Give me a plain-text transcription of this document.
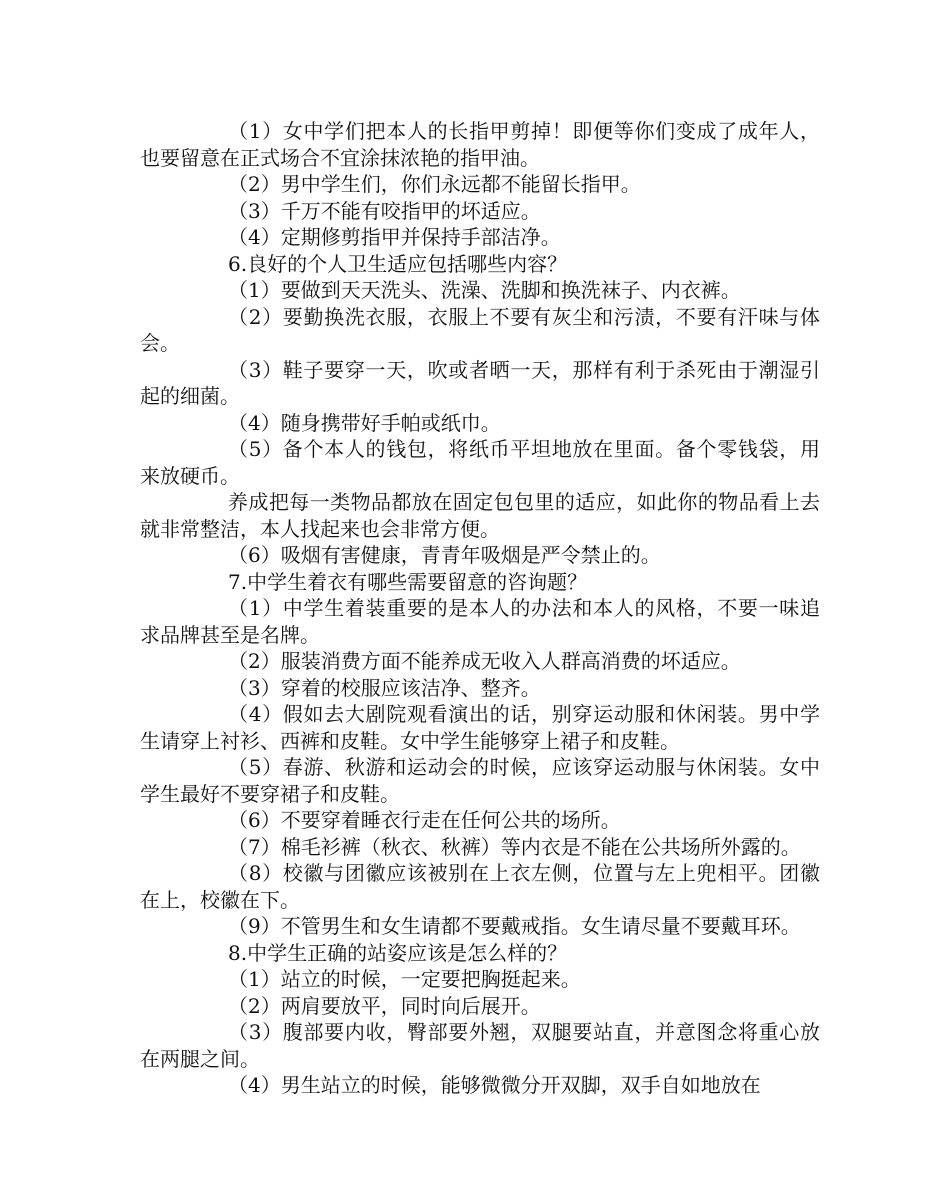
（1）女中学们把本人的长指甲剪掉！即便等你们变成了成年人，也要留意在正式场合不宜涂抹浓艳的指甲油。

（2）男中学生们，你们永远都不能留长指甲。

（3）千万不能有咬指甲的坏适应。

（4）定期修剪指甲并保持手部洁净。

6.良好的个人卫生适应包括哪些内容？

（1）要做到天天洗头、洗澡、洗脚和换洗袜子、内衣裤。

（2）要勤换洗衣服，衣服上不要有灰尘和污渍，不要有汗味与体会。

（3）鞋子要穿一天，吹或者晒一天，那样有利于杀死由于潮湿引起的细菌。

（4）随身携带好手帕或纸巾。

（5）备个本人的钱包，将纸币平坦地放在里面。备个零钱袋，用来放硬币。

养成把每一类物品都放在固定包包里的适应，如此你的物品看上去就非常整洁，本人找起来也会非常方便。

（6）吸烟有害健康，青青年吸烟是严令禁止的。

7.中学生着衣有哪些需要留意的咨询题？

（1）中学生着装重要的是本人的办法和本人的风格，不要一味追求品牌甚至是名牌。

（2）服装消费方面不能养成无收入人群高消费的坏适应。

（3）穿着的校服应该洁净、整齐。

（4）假如去大剧院观看演出的话，别穿运动服和休闲装。男中学生请穿上衬衫、西裤和皮鞋。女中学生能够穿上裙子和皮鞋。

（5）春游、秋游和运动会的时候，应该穿运动服与休闲装。女中学生最好不要穿裙子和皮鞋。

（6）不要穿着睡衣行走在任何公共的场所。

（7）棉毛衫裤（秋衣、秋裤）等内衣是不能在公共场所外露的。

（8）校徽与团徽应该被别在上衣左侧，位置与左上兜相平。团徽在上，校徽在下。

（9）不管男生和女生请都不要戴戒指。女生请尽量不要戴耳环。

8.中学生正确的站姿应该是怎么样的？

（1）站立的时候，一定要把胸挺起来。

（2）两肩要放平，同时向后展开。

（3）腹部要内收，臀部要外翘，双腿要站直，并意图念将重心放在两腿之间。

（4）男生站立的时候，能够微微分开双脚，双手自如地放在
